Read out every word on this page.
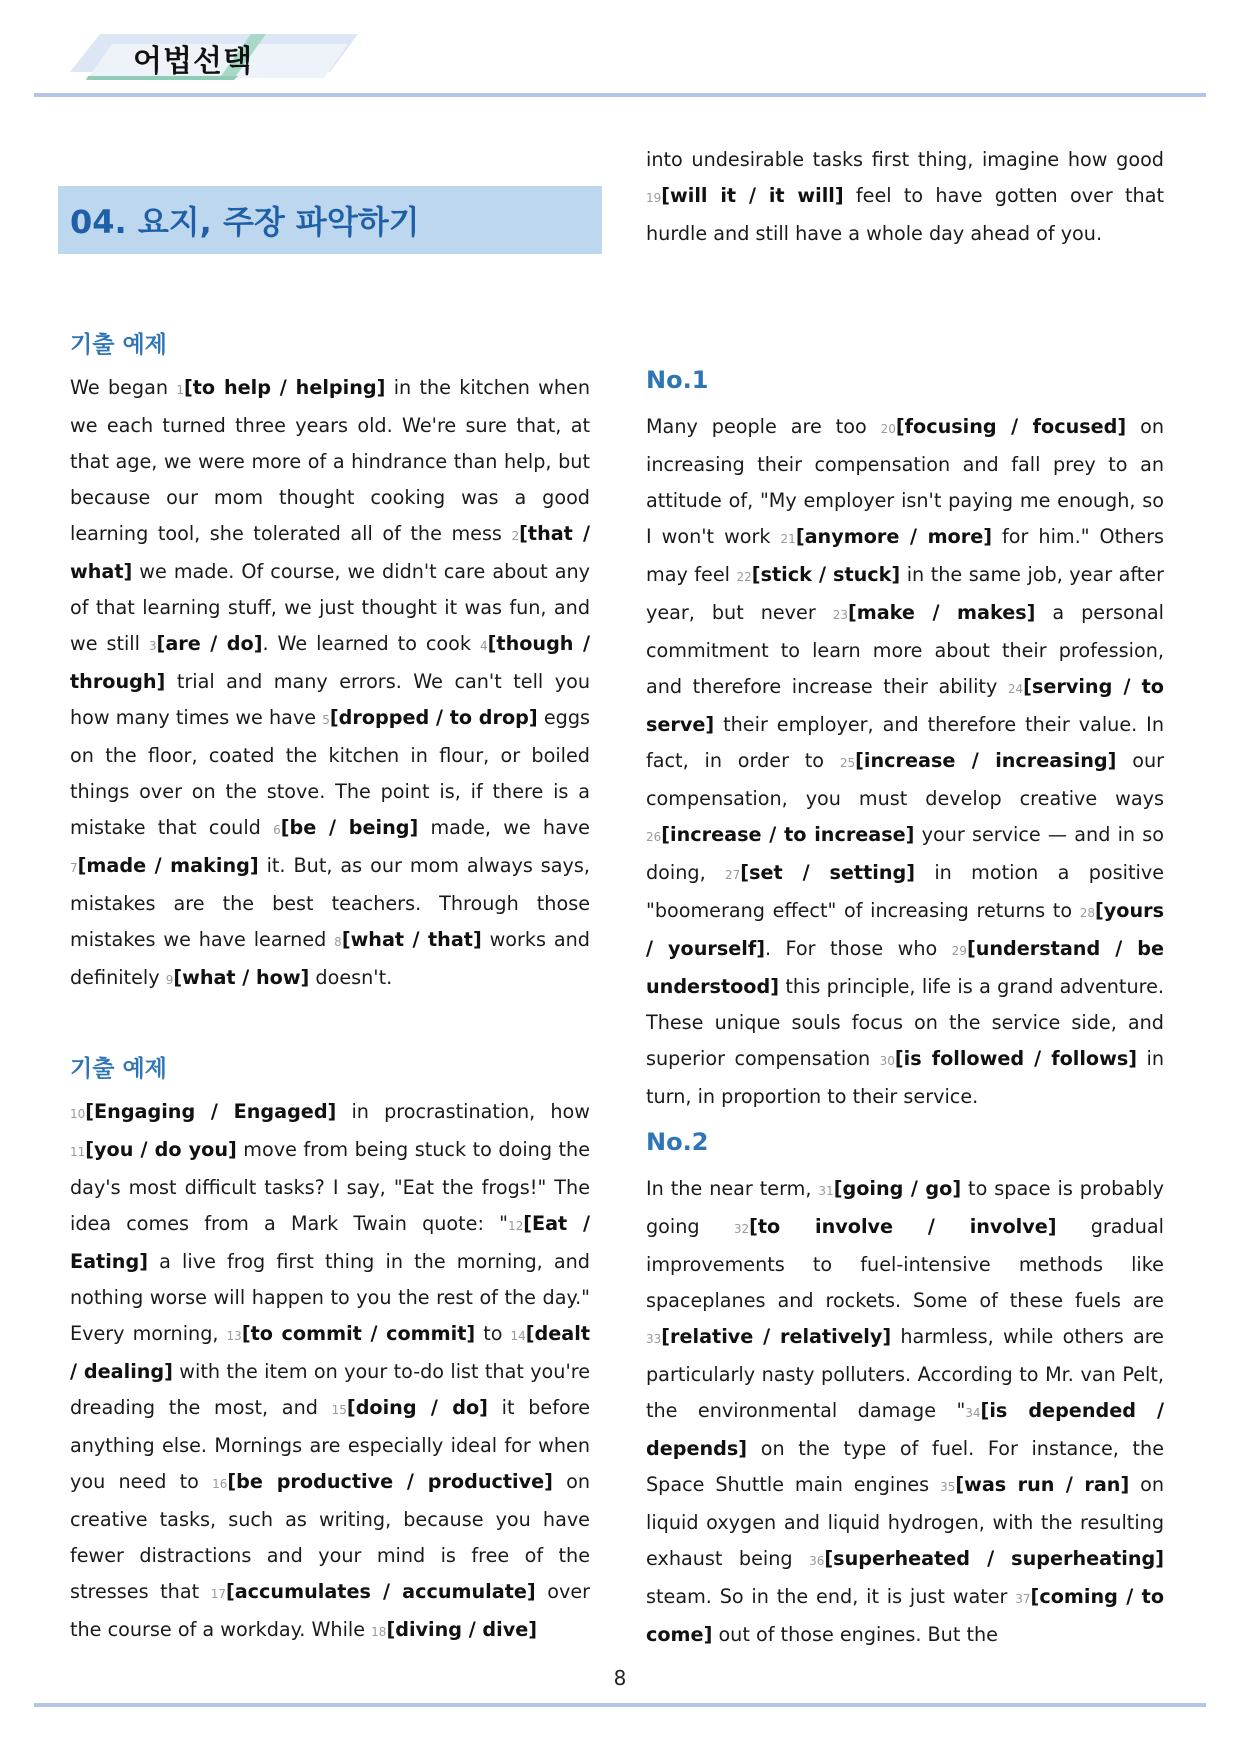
어법선택
04. 요지, 주장 파악하기
기출 예제

We began 1[to help / helping] in the kitchen when we each turned three years old. We're sure that, at that age, we were more of a hindrance than help, but because our mom thought cooking was a good learning tool, she tolerated all of the mess 2[that / what] we made. Of course, we didn't care about any of that learning stuff, we just thought it was fun, and we still 3[are / do]. We learned to cook 4[though / through] trial and many errors. We can't tell you how many times we have 5[dropped / to drop] eggs on the floor, coated the kitchen in flour, or boiled things over on the stove. The point is, if there is a mistake that could 6[be / being] made, we have 7[made / making] it. But, as our mom always says, mistakes are the best teachers. Through those mistakes we have learned 8[what / that] works and definitely 9[what / how] doesn't.

기출 예제

10[Engaging / Engaged] in procrastination, how 11[you / do you] move from being stuck to doing the day's most difficult tasks? I say, "Eat the frogs!" The idea comes from a Mark Twain quote: "12[Eat / Eating] a live frog first thing in the morning, and nothing worse will happen to you the rest of the day." Every morning, 13[to commit / commit] to 14[dealt / dealing] with the item on your to-do list that you're dreading the most, and 15[doing / do] it before anything else. Mornings are especially ideal for when you need to 16[be productive / productive] on creative tasks, such as writing, because you have fewer distractions and your mind is free of the stresses that 17[accumulates / accumulate] over the course of a workday. While 18[diving / dive]

into undesirable tasks first thing, imagine how good 19[will it / it will] feel to have gotten over that hurdle and still have a whole day ahead of you.

No.1

Many people are too 20[focusing / focused] on increasing their compensation and fall prey to an attitude of, "My employer isn't paying me enough, so I won't work 21[anymore / more] for him." Others may feel 22[stick / stuck] in the same job, year after year, but never 23[make / makes] a personal commitment to learn more about their profession, and therefore increase their ability 24[serving / to serve] their employer, and therefore their value. In fact, in order to 25[increase / increasing] our compensation, you must develop creative ways 26[increase / to increase] your service — and in so doing, 27[set / setting] in motion a positive "boomerang effect" of increasing returns to 28[yours / yourself]. For those who 29[understand / be understood] this principle, life is a grand adventure. These unique souls focus on the service side, and superior compensation 30[is followed / follows] in turn, in proportion to their service.

No.2

In the near term, 31[going / go] to space is probably going 32[to involve / involve] gradual improvements to fuel-intensive methods like spaceplanes and rockets. Some of these fuels are 33[relative / relatively] harmless, while others are particularly nasty polluters. According to Mr. van Pelt, the environmental damage "34[is depended / depends] on the type of fuel. For instance, the Space Shuttle main engines 35[was run / ran] on liquid oxygen and liquid hydrogen, with the resulting exhaust being 36[superheated / superheating] steam. So in the end, it is just water 37[coming / to come] out of those engines. But the

8
